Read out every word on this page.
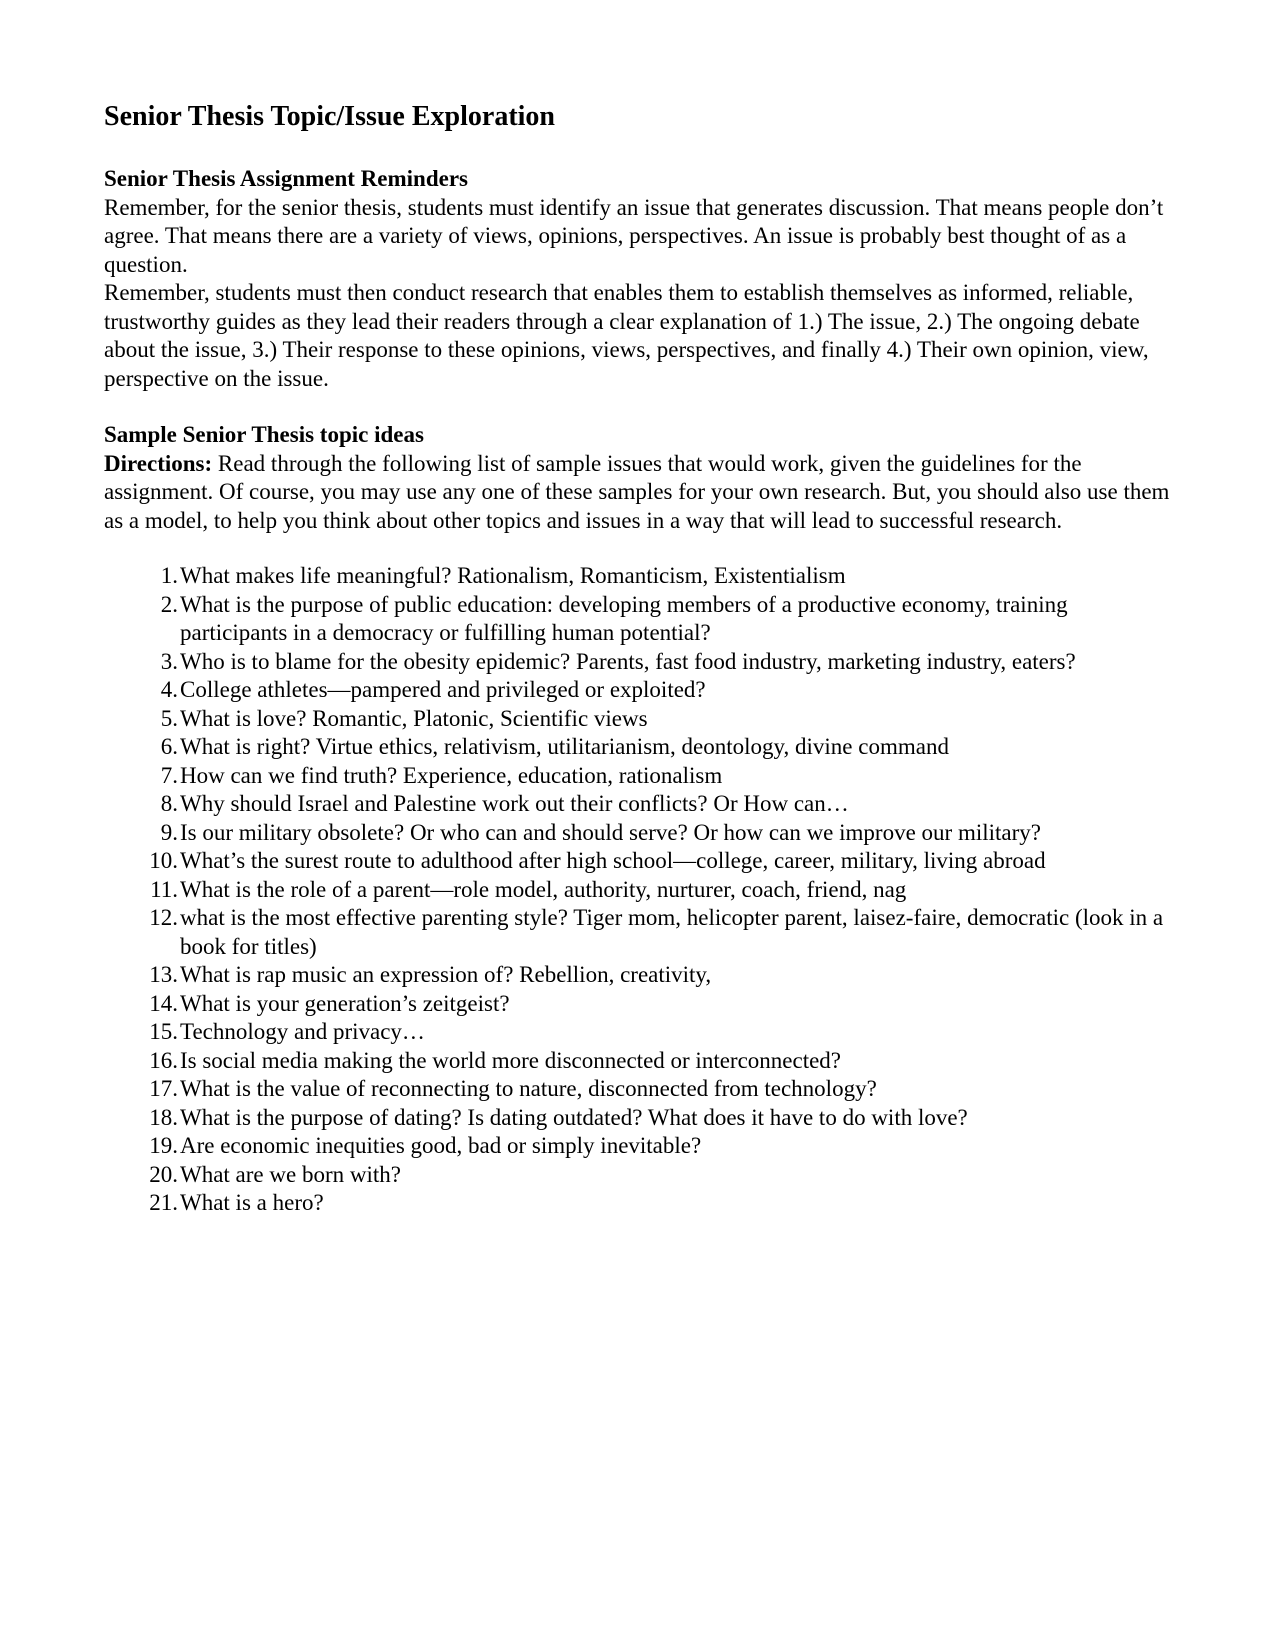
Senior Thesis Topic/Issue Exploration

Senior Thesis Assignment Reminders

Remember, for the senior thesis, students must identify an issue that generates discussion. That means people don’t agree. That means there are a variety of views, opinions, perspectives. An issue is probably best thought of as a question.

Remember, students must then conduct research that enables them to establish themselves as informed, reliable, trustworthy guides as they lead their readers through a clear explanation of 1.) The issue, 2.) The ongoing debate about the issue, 3.) Their response to these opinions, views, perspectives, and finally 4.) Their own opinion, view, perspective on the issue.

Sample Senior Thesis topic ideas

Directions: Read through the following list of sample issues that would work, given the guidelines for the assignment. Of course, you may use any one of these samples for your own research. But, you should also use them as a model, to help you think about other topics and issues in a way that will lead to successful research.

1. What makes life meaningful? Rationalism, Romanticism, Existentialism
2. What is the purpose of public education: developing members of a productive economy, training participants in a democracy or fulfilling human potential?
3. Who is to blame for the obesity epidemic? Parents, fast food industry, marketing industry, eaters?
4. College athletes—pampered and privileged or exploited?
5. What is love? Romantic, Platonic, Scientific views
6. What is right? Virtue ethics, relativism, utilitarianism, deontology, divine command
7. How can we find truth? Experience, education, rationalism
8. Why should Israel and Palestine work out their conflicts? Or How can…
9. Is our military obsolete? Or who can and should serve? Or how can we improve our military?
10. What’s the surest route to adulthood after high school—college, career, military, living abroad
11. What is the role of a parent—role model, authority, nurturer, coach, friend, nag
12. what is the most effective parenting style? Tiger mom, helicopter parent, laisez-faire, democratic (look in a book for titles)
13. What is rap music an expression of? Rebellion, creativity,
14. What is your generation’s zeitgeist?
15. Technology and privacy…
16. Is social media making the world more disconnected or interconnected?
17. What is the value of reconnecting to nature, disconnected from technology?
18. What is the purpose of dating? Is dating outdated? What does it have to do with love?
19. Are economic inequities good, bad or simply inevitable?
20. What are we born with?
21. What is a hero?
